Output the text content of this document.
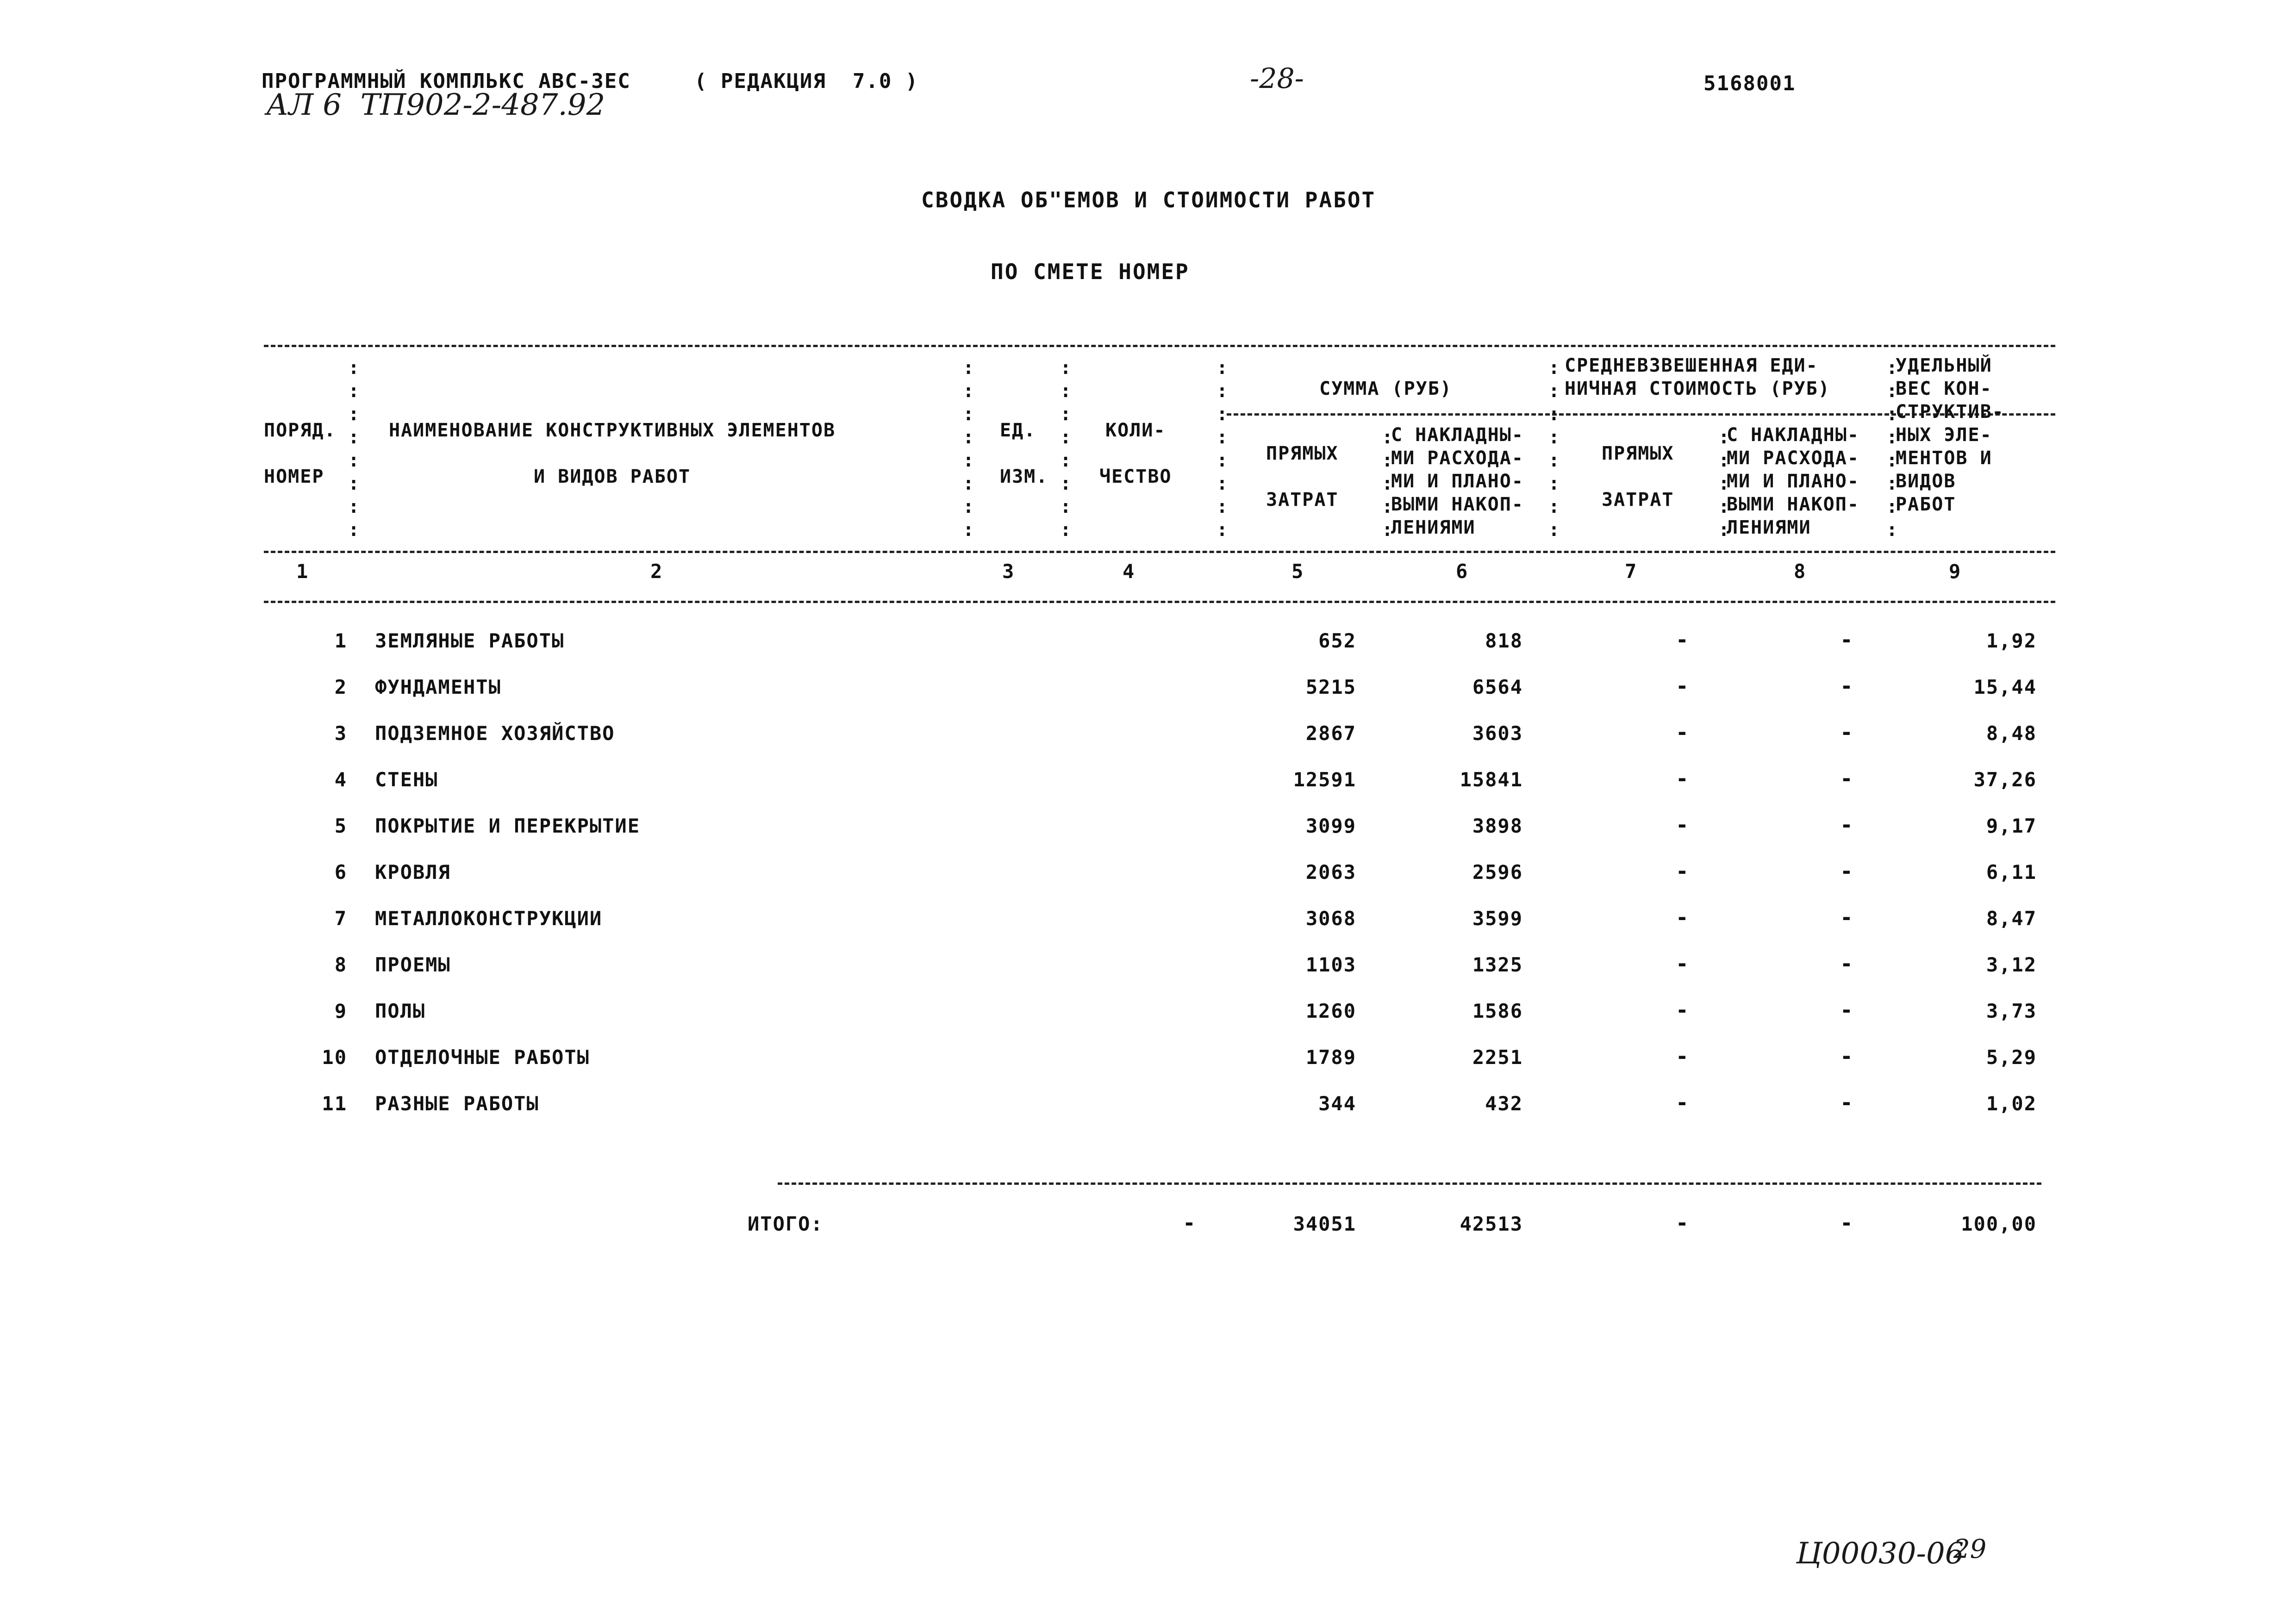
ПРОГРАММНЫЙ КОМПЛЬКС АВС-3ЕС	( РЕДАКЦИЯ  7.0 )	-28-	5168001
АЛ 6  ТП902-2-487.92
СВОДКА ОБ"ЕМОВ И СТОИМОСТИ РАБОТ
ПО СМЕТЕ НОМЕР
:
:
:
:
:
:
:
:
:
:
:
:
:
:
:
:
:
:
:
:
:
:
:
:
:
:
:
:
:
:
:
:
:
:
:
:
:
:
:
:
:
:
:
:
:
:
:
:
:
:
:
:
:
:
:
:
:
:
ПОРЯД.

НОМЕР
НАИМЕНОВАНИЕ КОНСТРУКТИВНЫХ ЭЛЕМЕНТОВ

И ВИДОВ РАБОТ
ЕД.

ИЗМ.
КОЛИ-

ЧЕСТВО
СУММА (РУБ)
ПРЯМЫХ

ЗАТРАТ
С НАКЛАДНЫ-
МИ РАСХОДА-
МИ И ПЛАНО-
ВЫМИ НАКОП-
ЛЕНИЯМИ
СРЕДНЕВЗВЕШЕННАЯ ЕДИ-
НИЧНАЯ СТОИМОСТЬ (РУБ)
ПРЯМЫХ

ЗАТРАТ
С НАКЛАДНЫ-
МИ РАСХОДА-
МИ И ПЛАНО-
ВЫМИ НАКОП-
ЛЕНИЯМИ
УДЕЛЬНЫЙ
ВЕС КОН-
СТРУКТИВ-
НЫХ ЭЛЕ-
МЕНТОВ И
ВИДОВ
РАБОТ
1	2	3	4	5	6	7	8	9
1 ЗЕМЛЯНЫЕ РАБОТЫ	652	818	-	-	1,92
2 ФУНДАМЕНТЫ	5215	6564	-	-	15,44
3 ПОДЗЕМНОЕ ХОЗЯЙСТВО	2867	3603	-	-	8,48
4 СТЕНЫ	12591	15841	-	-	37,26
5 ПОКРЫТИЕ И ПЕРЕКРЫТИЕ	3099	3898	-	-	9,17
6 КРОВЛЯ	2063	2596	-	-	6,11
7 МЕТАЛЛОКОНСТРУКЦИИ	3068	3599	-	-	8,47
8 ПРОЕМЫ	1103	1325	-	-	3,12
9 ПОЛЫ	1260	1586	-	-	3,73
10 ОТДЕЛОЧНЫЕ РАБОТЫ	1789	2251	-	-	5,29
11 РАЗНЫЕ РАБОТЫ	344	432	-	-	1,02
ИТОГО:	-	34051	42513	-	-	100,00
Ц00030-06
29
